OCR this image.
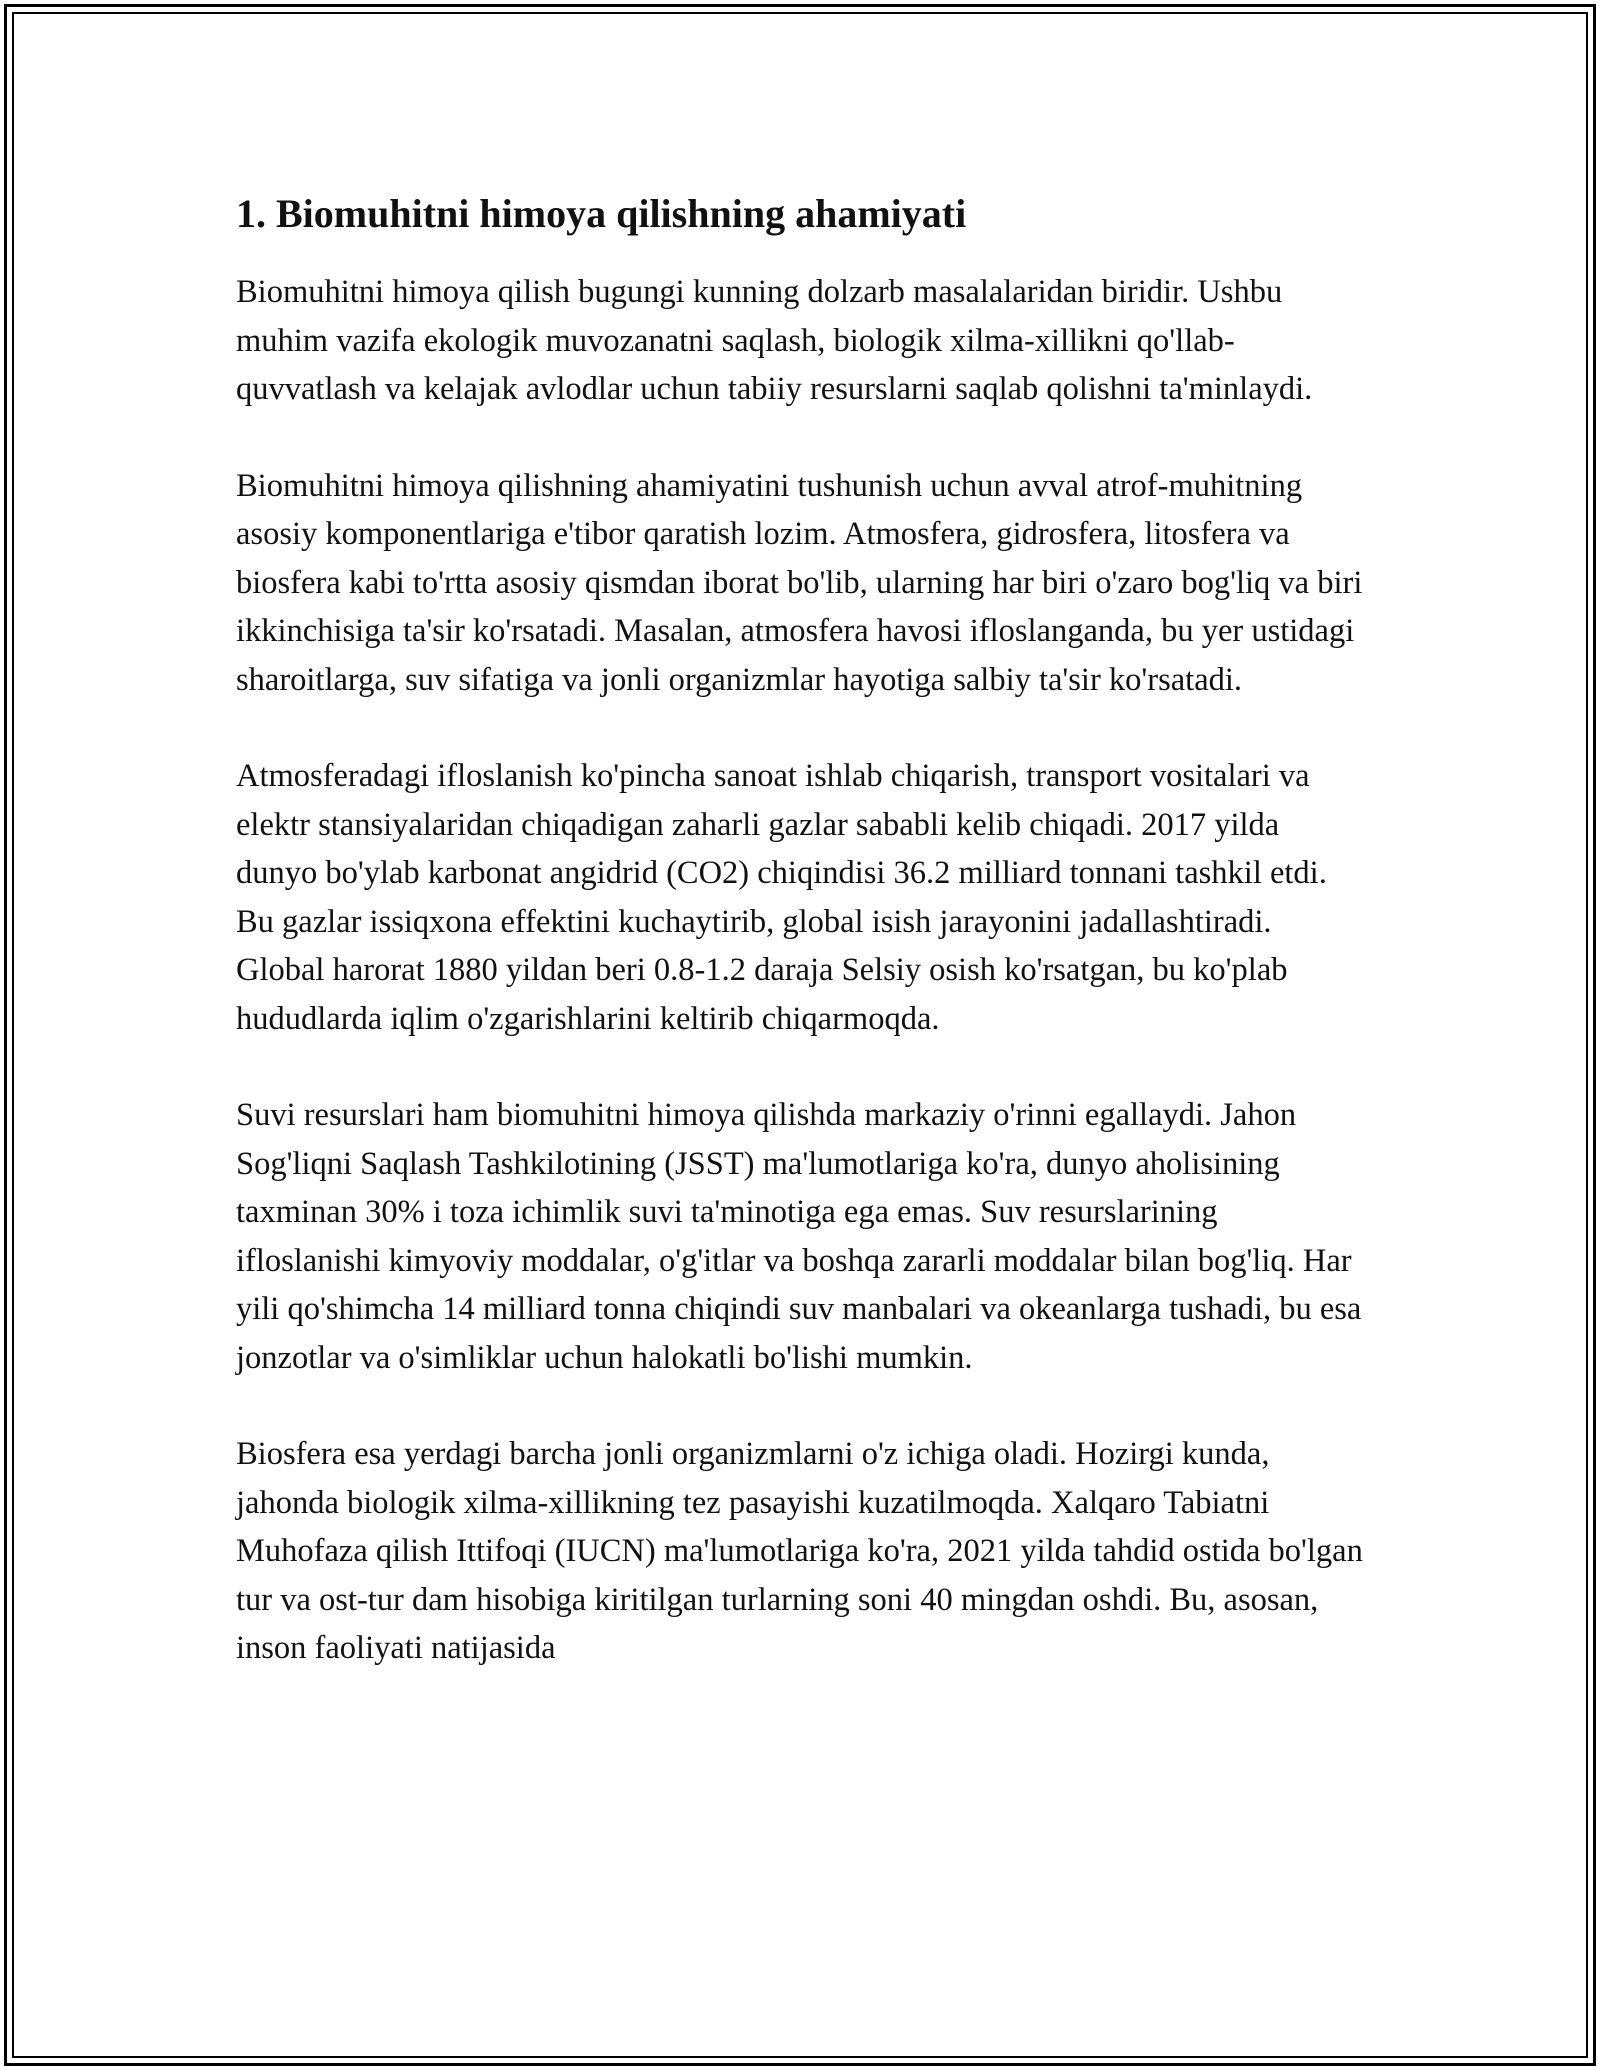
1. Biomuhitni himoya qilishning ahamiyati

Biomuhitni himoya qilish bugungi kunning dolzarb masalalaridan biridir. Ushbu muhim vazifa ekologik muvozanatni saqlash, biologik xilma-xillikni qo'llab-quvvatlash va kelajak avlodlar uchun tabiiy resurslarni saqlab qolishni ta'minlaydi.

Biomuhitni himoya qilishning ahamiyatini tushunish uchun avval atrof-muhitning asosiy komponentlariga e'tibor qaratish lozim. Atmosfera, gidrosfera, litosfera va biosfera kabi to'rtta asosiy qismdan iborat bo'lib, ularning har biri o'zaro bog'liq va biri ikkinchisiga ta'sir ko'rsatadi. Masalan, atmosfera havosi ifloslanganda, bu yer ustidagi sharoitlarga, suv sifatiga va jonli organizmlar hayotiga salbiy ta'sir ko'rsatadi.

Atmosferadagi ifloslanish ko'pincha sanoat ishlab chiqarish, transport vositalari va elektr stansiyalaridan chiqadigan zaharli gazlar sababli kelib chiqadi. 2017 yilda dunyo bo'ylab karbonat angidrid (CO2) chiqindisi 36.2 milliard tonnani tashkil etdi. Bu gazlar issiqxona effektini kuchaytirib, global isish jarayonini jadallashtiradi. Global harorat 1880 yildan beri 0.8-1.2 daraja Selsiy osish ko'rsatgan, bu ko'plab hududlarda iqlim o'zgarishlarini keltirib chiqarmoqda.

Suvi resurslari ham biomuhitni himoya qilishda markaziy o'rinni egallaydi. Jahon Sog'liqni Saqlash Tashkilotining (JSST) ma'lumotlariga ko'ra, dunyo aholisining taxminan 30% i toza ichimlik suvi ta'minotiga ega emas. Suv resurslarining ifloslanishi kimyoviy moddalar, o'g'itlar va boshqa zararli moddalar bilan bog'liq. Har yili qo'shimcha 14 milliard tonna chiqindi suv manbalari va okeanlarga tushadi, bu esa jonzotlar va o'simliklar uchun halokatli bo'lishi mumkin.

Biosfera esa yerdagi barcha jonli organizmlarni o'z ichiga oladi. Hozirgi kunda, jahonda biologik xilma-xillikning tez pasayishi kuzatilmoqda. Xalqaro Tabiatni Muhofaza qilish Ittifoqi (IUCN) ma'lumotlariga ko'ra, 2021 yilda tahdid ostida bo'lgan tur va ost-tur dam hisobiga kiritilgan turlarning soni 40 mingdan oshdi. Bu, asosan, inson faoliyati natijasida
